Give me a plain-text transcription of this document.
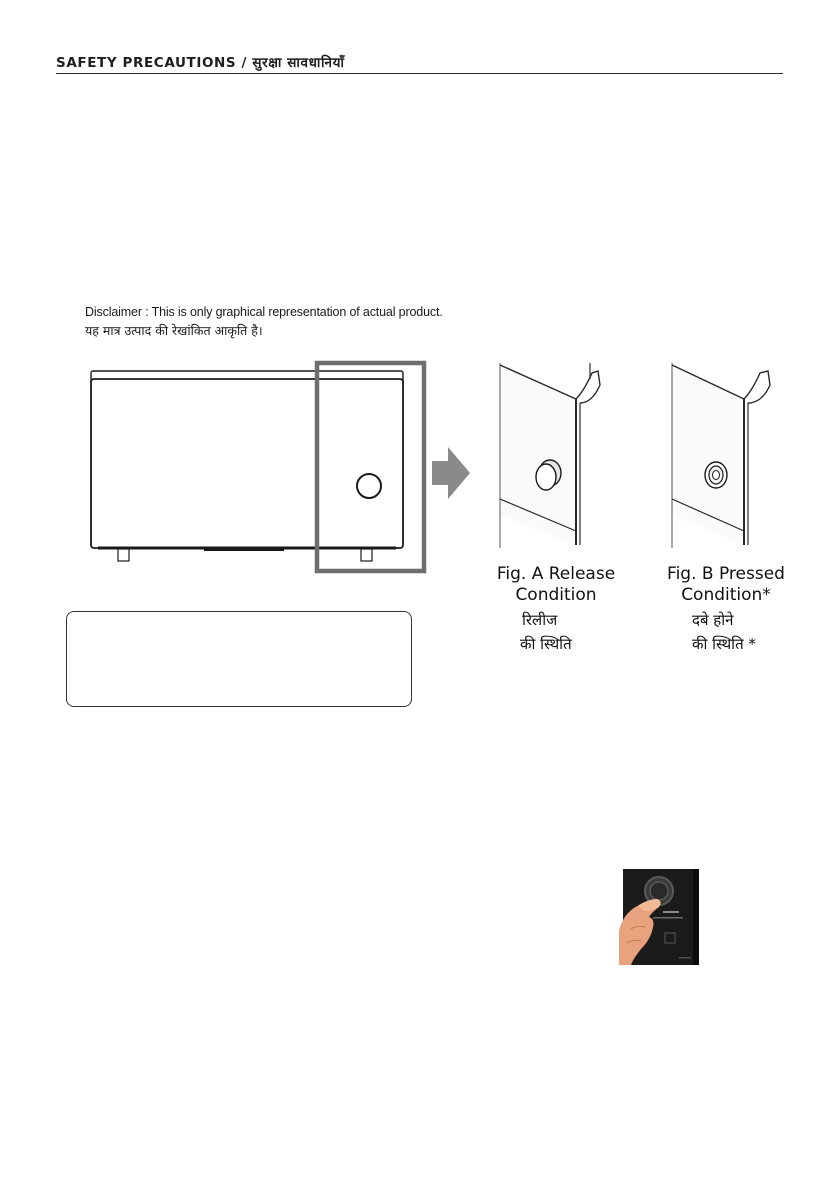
SAFETY PRECAUTIONS / सुरक्षा सावधानियाँ
Disclaimer : This is only graphical representation of actual product.
यह मात्र उत्पाद की रेखांकित आकृति है।
Fig. A Release
Condition
रिलीज
की स्थिति
Fig. B Pressed
Condition*
दबे होने
की स्थिति *
